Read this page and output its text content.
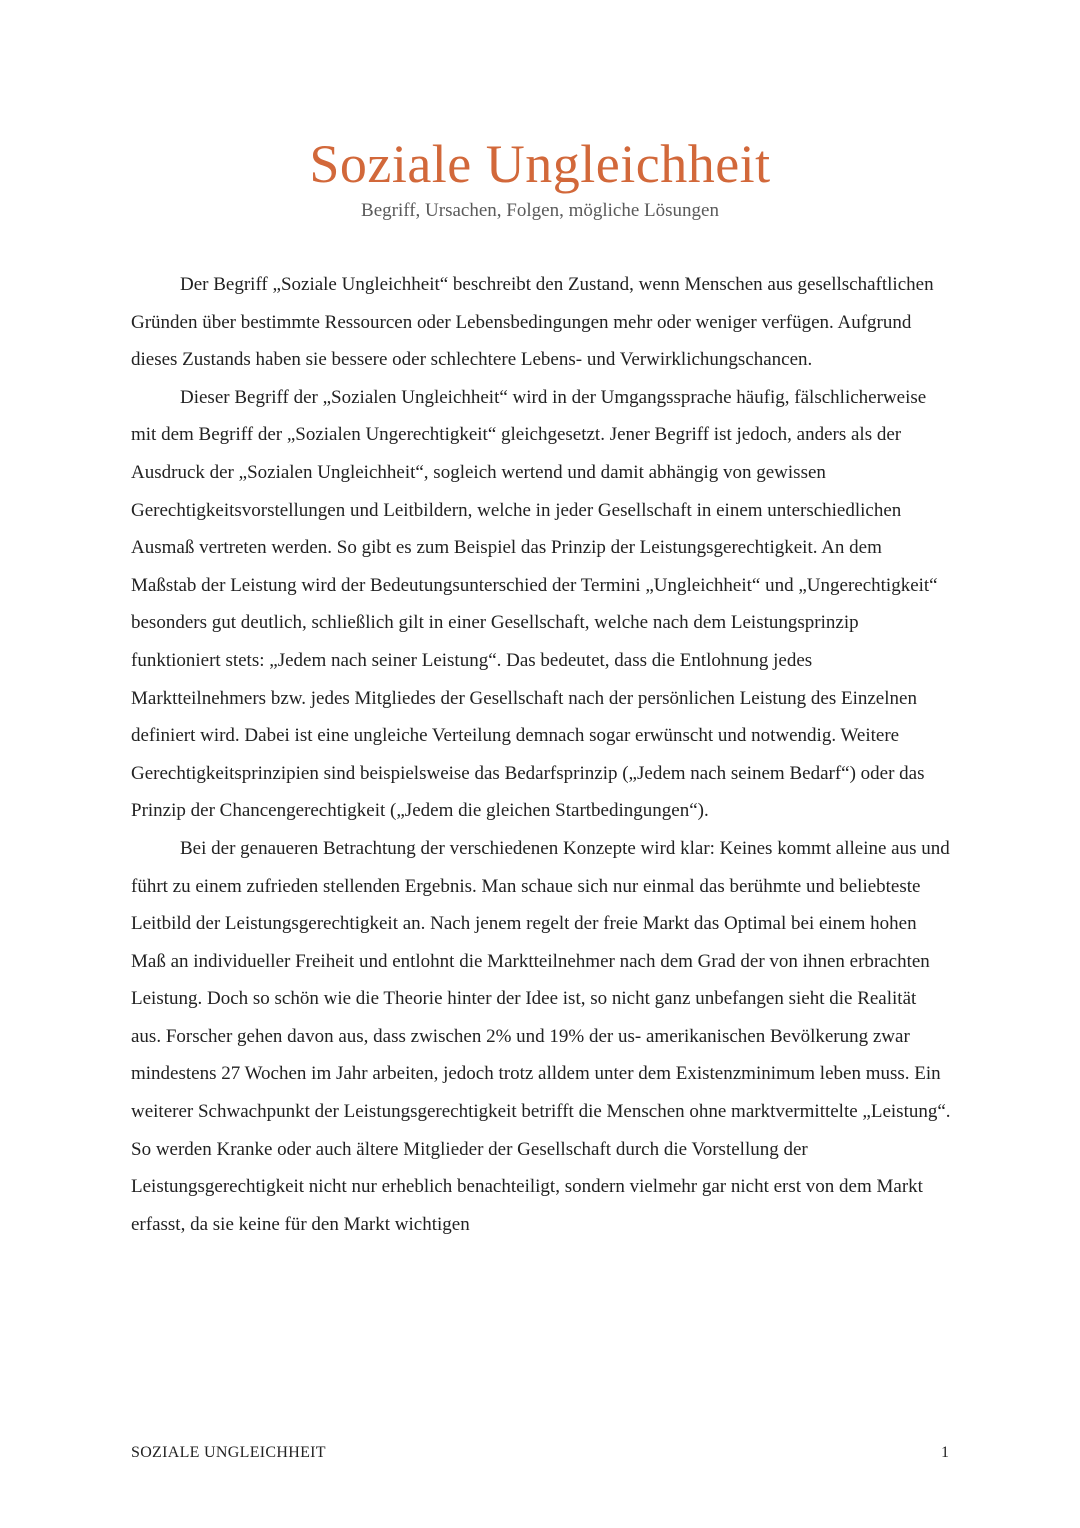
Soziale Ungleichheit
Begriff, Ursachen, Folgen, mögliche Lösungen

Der Begriff „Soziale Ungleichheit“ beschreibt den Zustand, wenn Menschen aus gesellschaftlichen Gründen über bestimmte Ressourcen oder Lebensbedingungen mehr oder weniger verfügen. Aufgrund dieses Zustands haben sie bessere oder schlechtere Lebens- und Verwirklichungschancen.

Dieser Begriff der „Sozialen Ungleichheit“ wird in der Umgangssprache häufig, fälschlicherweise mit dem Begriff der „Sozialen Ungerechtigkeit“ gleichgesetzt. Jener Begriff ist jedoch, anders als der Ausdruck der „Sozialen Ungleichheit“, sogleich wertend und damit abhängig von gewissen Gerechtigkeitsvorstellungen und Leitbildern, welche in jeder Gesellschaft in einem unterschiedlichen Ausmaß vertreten werden. So gibt es zum Beispiel das Prinzip der Leistungsgerechtigkeit. An dem Maßstab der Leistung wird der Bedeutungsunterschied der Termini „Ungleichheit“ und „Ungerechtigkeit“ besonders gut deutlich, schließlich gilt in einer Gesellschaft, welche nach dem Leistungsprinzip funktioniert stets: „Jedem nach seiner Leistung“. Das bedeutet, dass die Entlohnung jedes Marktteilnehmers bzw. jedes Mitgliedes der Gesellschaft nach der persönlichen Leistung des Einzelnen definiert wird. Dabei ist eine ungleiche Verteilung demnach sogar erwünscht und notwendig. Weitere Gerechtigkeitsprinzipien sind beispielsweise das Bedarfsprinzip („Jedem nach seinem Bedarf“) oder das Prinzip der Chancengerechtigkeit („Jedem die gleichen Startbedingungen“).

Bei der genaueren Betrachtung der verschiedenen Konzepte wird klar: Keines kommt alleine aus und führt zu einem zufrieden stellenden Ergebnis. Man schaue sich nur einmal das berühmte und beliebteste Leitbild der Leistungsgerechtigkeit an. Nach jenem regelt der freie Markt das Optimal bei einem hohen Maß an individueller Freiheit und entlohnt die Marktteilnehmer nach dem Grad der von ihnen erbrachten Leistung. Doch so schön wie die Theorie hinter der Idee ist, so nicht ganz unbefangen sieht die Realität aus. Forscher gehen davon aus, dass zwischen 2% und 19% der us- amerikanischen Bevölkerung zwar mindestens 27 Wochen im Jahr arbeiten, jedoch trotz alldem unter dem Existenzminimum leben muss. Ein weiterer Schwachpunkt der Leistungsgerechtigkeit betrifft die Menschen ohne marktvermittelte „Leistung“. So werden Kranke oder auch ältere Mitglieder der Gesellschaft durch die Vorstellung der Leistungsgerechtigkeit nicht nur erheblich benachteiligt, sondern vielmehr gar nicht erst von dem Markt erfasst, da sie keine für den Markt wichtigen

SOZIALE UNGLEICHHEIT	1
